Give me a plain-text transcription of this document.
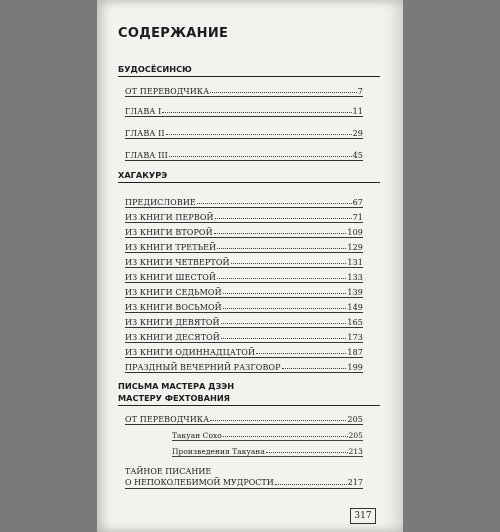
СОДЕРЖАНИЕ
БУДОСЁСИНСЮ
ОТ ПЕРЕВОДЧИКА	7
ГЛАВА I	11
ГЛАВА II	29
ГЛАВА III	45
ХАГАКУРЭ
ПРЕДИСЛОВИЕ	67
ИЗ КНИГИ ПЕРВОЙ	71
ИЗ КНИГИ ВТОРОЙ	109
ИЗ КНИГИ ТРЕТЬЕЙ	129
ИЗ КНИГИ ЧЕТВЕРТОЙ	131
ИЗ КНИГИ ШЕСТОЙ	133
ИЗ КНИГИ СЕДЬМОЙ	139
ИЗ КНИГИ ВОСЬМОЙ	149
ИЗ КНИГИ ДЕВЯТОЙ	165
ИЗ КНИГИ ДЕСЯТОЙ	173
ИЗ КНИГИ ОДИННАДЦАТОЙ	187
ПРАЗДНЫЙ ВЕЧЕРНИЙ РАЗГОВОР	199
ПИСЬМА МАСТЕРА ДЗЭН
МАСТЕРУ ФЕХТОВАНИЯ
ОТ ПЕРЕВОДЧИКА	205
Такуан Сохо	205
Произведения Такуана	213
ТАЙНОЕ ПИСАНИЕ
О НЕПОКОЛЕБИМОЙ МУДРОСТИ	217
317
